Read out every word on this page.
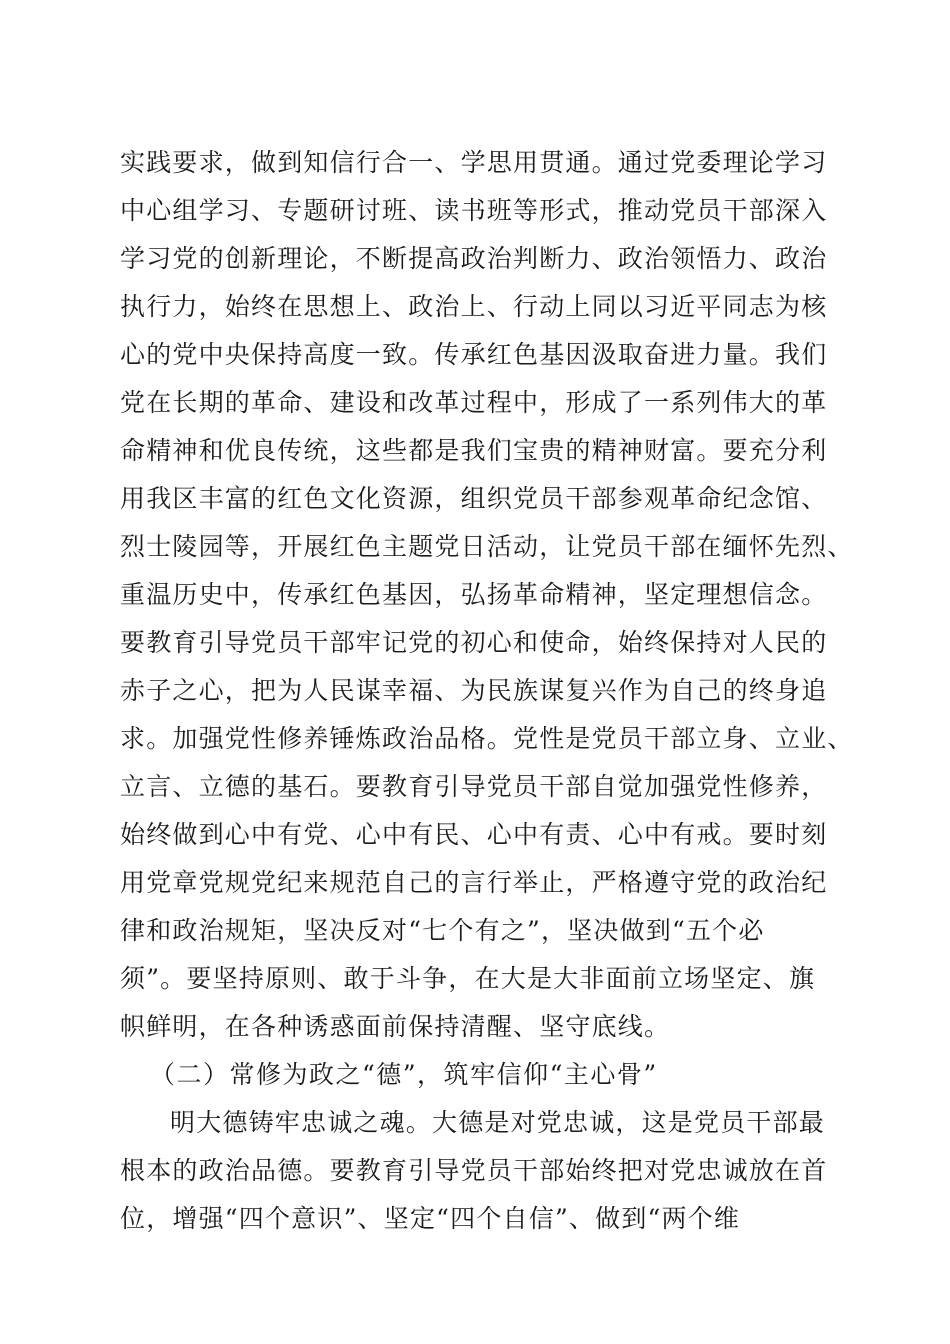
实践要求，做到知信行合一、学思用贯通。通过党委理论学习
中心组学习、专题研讨班、读书班等形式，推动党员干部深入
学习党的创新理论，不断提高政治判断力、政治领悟力、政治
执行力，始终在思想上、政治上、行动上同以习近平同志为核
心的党中央保持高度一致。传承红色基因汲取奋进力量。我们
党在长期的革命、建设和改革过程中，形成了一系列伟大的革
命精神和优良传统，这些都是我们宝贵的精神财富。要充分利
用我区丰富的红色文化资源，组织党员干部参观革命纪念馆、
烈士陵园等，开展红色主题党日活动，让党员干部在缅怀先烈、
重温历史中，传承红色基因，弘扬革命精神，坚定理想信念。
要教育引导党员干部牢记党的初心和使命，始终保持对人民的
赤子之心，把为人民谋幸福、为民族谋复兴作为自己的终身追
求。加强党性修养锤炼政治品格。党性是党员干部立身、立业、
立言、立德的基石。要教育引导党员干部自觉加强党性修养，
始终做到心中有党、心中有民、心中有责、心中有戒。要时刻
用党章党规党纪来规范自己的言行举止，严格遵守党的政治纪
律和政治规矩，坚决反对“七个有之”，坚决做到“五个必
须”。要坚持原则、敢于斗争，在大是大非面前立场坚定、旗
帜鲜明，在各种诱惑面前保持清醒、坚守底线。
（二）常修为政之“德”，筑牢信仰“主心骨”
明大德铸牢忠诚之魂。大德是对党忠诚，这是党员干部最
根本的政治品德。要教育引导党员干部始终把对党忠诚放在首
位，增强“四个意识”、坚定“四个自信”、做到“两个维
